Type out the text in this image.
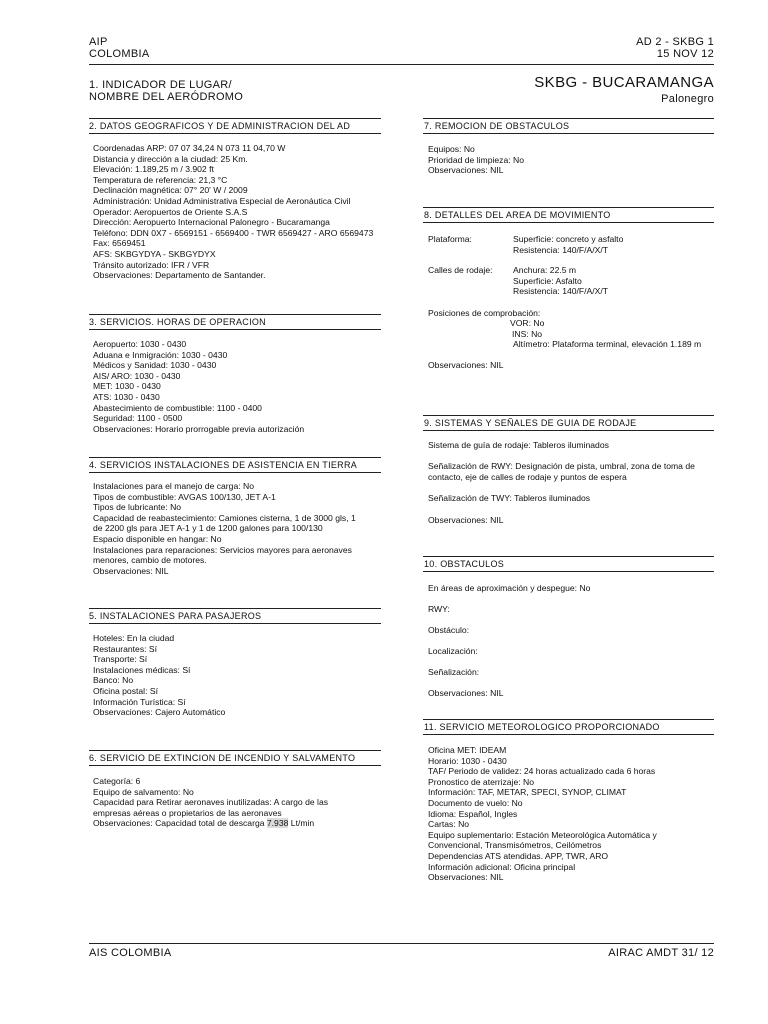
AIP
COLOMBIA
AD 2 - SKBG 1
15 NOV 12
1. INDICADOR DE LUGAR/
NOMBRE DEL AERÓDROMO
SKBG - BUCARAMANGA
Palonegro
2. DATOS GEOGRAFICOS Y DE ADMINISTRACION DEL AD
Coordenadas ARP: 07 07 34,24 N 073 11 04,70 W
Distancia y dirección a la ciudad: 25 Km.
Elevación: 1.189,25 m / 3.902 ft
Temperatura de referencia: 21,3 °C
Declinación magnética: 07° 20' W / 2009
Administración: Unidad Administrativa Especial de Aeronáutica Civil
Operador: Aeropuertos de Oriente S.A.S
Dirección: Aeropuerto Internacional Palonegro - Bucaramanga
Teléfono: DDN 0X7 - 6569151 - 6569400 - TWR 6569427 - ARO 6569473
Fax: 6569451
AFS: SKBGYDYA - SKBGYDYX
Tránsito autorizado: IFR / VFR
Observaciones: Departamento de Santander.
3. SERVICIOS. HORAS DE OPERACION
Aeropuerto: 1030 - 0430
Aduana e Inmigración: 1030 - 0430
Médicos y Sanidad: 1030 - 0430
AIS/ ARO: 1030 - 0430
MET: 1030 - 0430
ATS: 1030 - 0430
Abastecimiento de combustible: 1100 - 0400
Seguridad: 1100 - 0500
Observaciones: Horario prorrogable previa autorización
4. SERVICIOS INSTALACIONES DE ASISTENCIA EN TIERRA
Instalaciones para el manejo de carga: No
Tipos de combustible: AVGAS 100/130, JET A-1
Tipos de lubricante: No
Capacidad de reabastecimiento: Camiones cisterna, 1 de 3000 gls, 1
de 2200 gls para JET A-1 y 1 de 1200 galones para 100/130
Espacio disponible en hangar: No
Instalaciones para reparaciones: Servicios mayores para aeronaves
menores, cambio de motores.
Observaciones: NIL
5. INSTALACIONES PARA PASAJEROS
Hoteles: En la ciudad
Restaurantes: Sí
Transporte: Sí
Instalaciones médicas: Sí
Banco: No
Oficina postal: Sí
Información Turística: Sí
Observaciones: Cajero Automático
6. SERVICIO DE EXTINCION DE INCENDIO Y SALVAMENTO
Categoría: 6
Equipo de salvamento: No
Capacidad para Retirar aeronaves inutilizadas: A cargo de las
empresas aéreas o propietarios de las aeronaves
Observaciones: Capacidad total de descarga 7.938 Lt/min
7. REMOCION DE OBSTACULOS
Equipos: No
Prioridad de limpieza: No
Observaciones: NIL
8. DETALLES DEL AREA DE MOVIMIENTO
Plataforma:	Superficie: concreto y asfalto
Resistencia: 140/F/A/X/T
Calles de rodaje: Anchura: 22.5 m
Superficie: Asfalto
Resistencia: 140/F/A/X/T
Posiciones de comprobación:
VOR: No
INS: No
Altímetro: Plataforma terminal, elevación 1.189 m
Observaciones: NIL
9. SISTEMAS Y SEÑALES DE GUIA DE RODAJE
Sistema de guía de rodaje: Tableros iluminados
Señalización de RWY: Designación de pista, umbral, zona de toma de
contacto, eje de calles de rodaje y puntos de espera
Señalización de TWY: Tableros iluminados
Observaciones: NIL
10. OBSTACULOS
En áreas de aproximación y despegue: No
RWY:
Obstáculo:
Localización:
Señalización:
Observaciones: NIL
11. SERVICIO METEOROLOGICO PROPORCIONADO
Oficina MET: IDEAM
Horario: 1030 - 0430
TAF/ Periodo de validez: 24 horas actualizado cada 6 horas
Pronostico de aterrizaje: No
Información: TAF, METAR, SPECI, SYNOP, CLIMAT
Documento de vuelo: No
Idioma: Español, Ingles
Cartas: No
Equipo suplementario: Estación Meteorológica Automática y
Convencional, Transmisómetros, Ceilómetros
Dependencias ATS atendidas. APP, TWR, ARO
Información adicional: Oficina principal
Observaciones: NIL
AIS COLOMBIA	AIRAC AMDT 31/ 12
